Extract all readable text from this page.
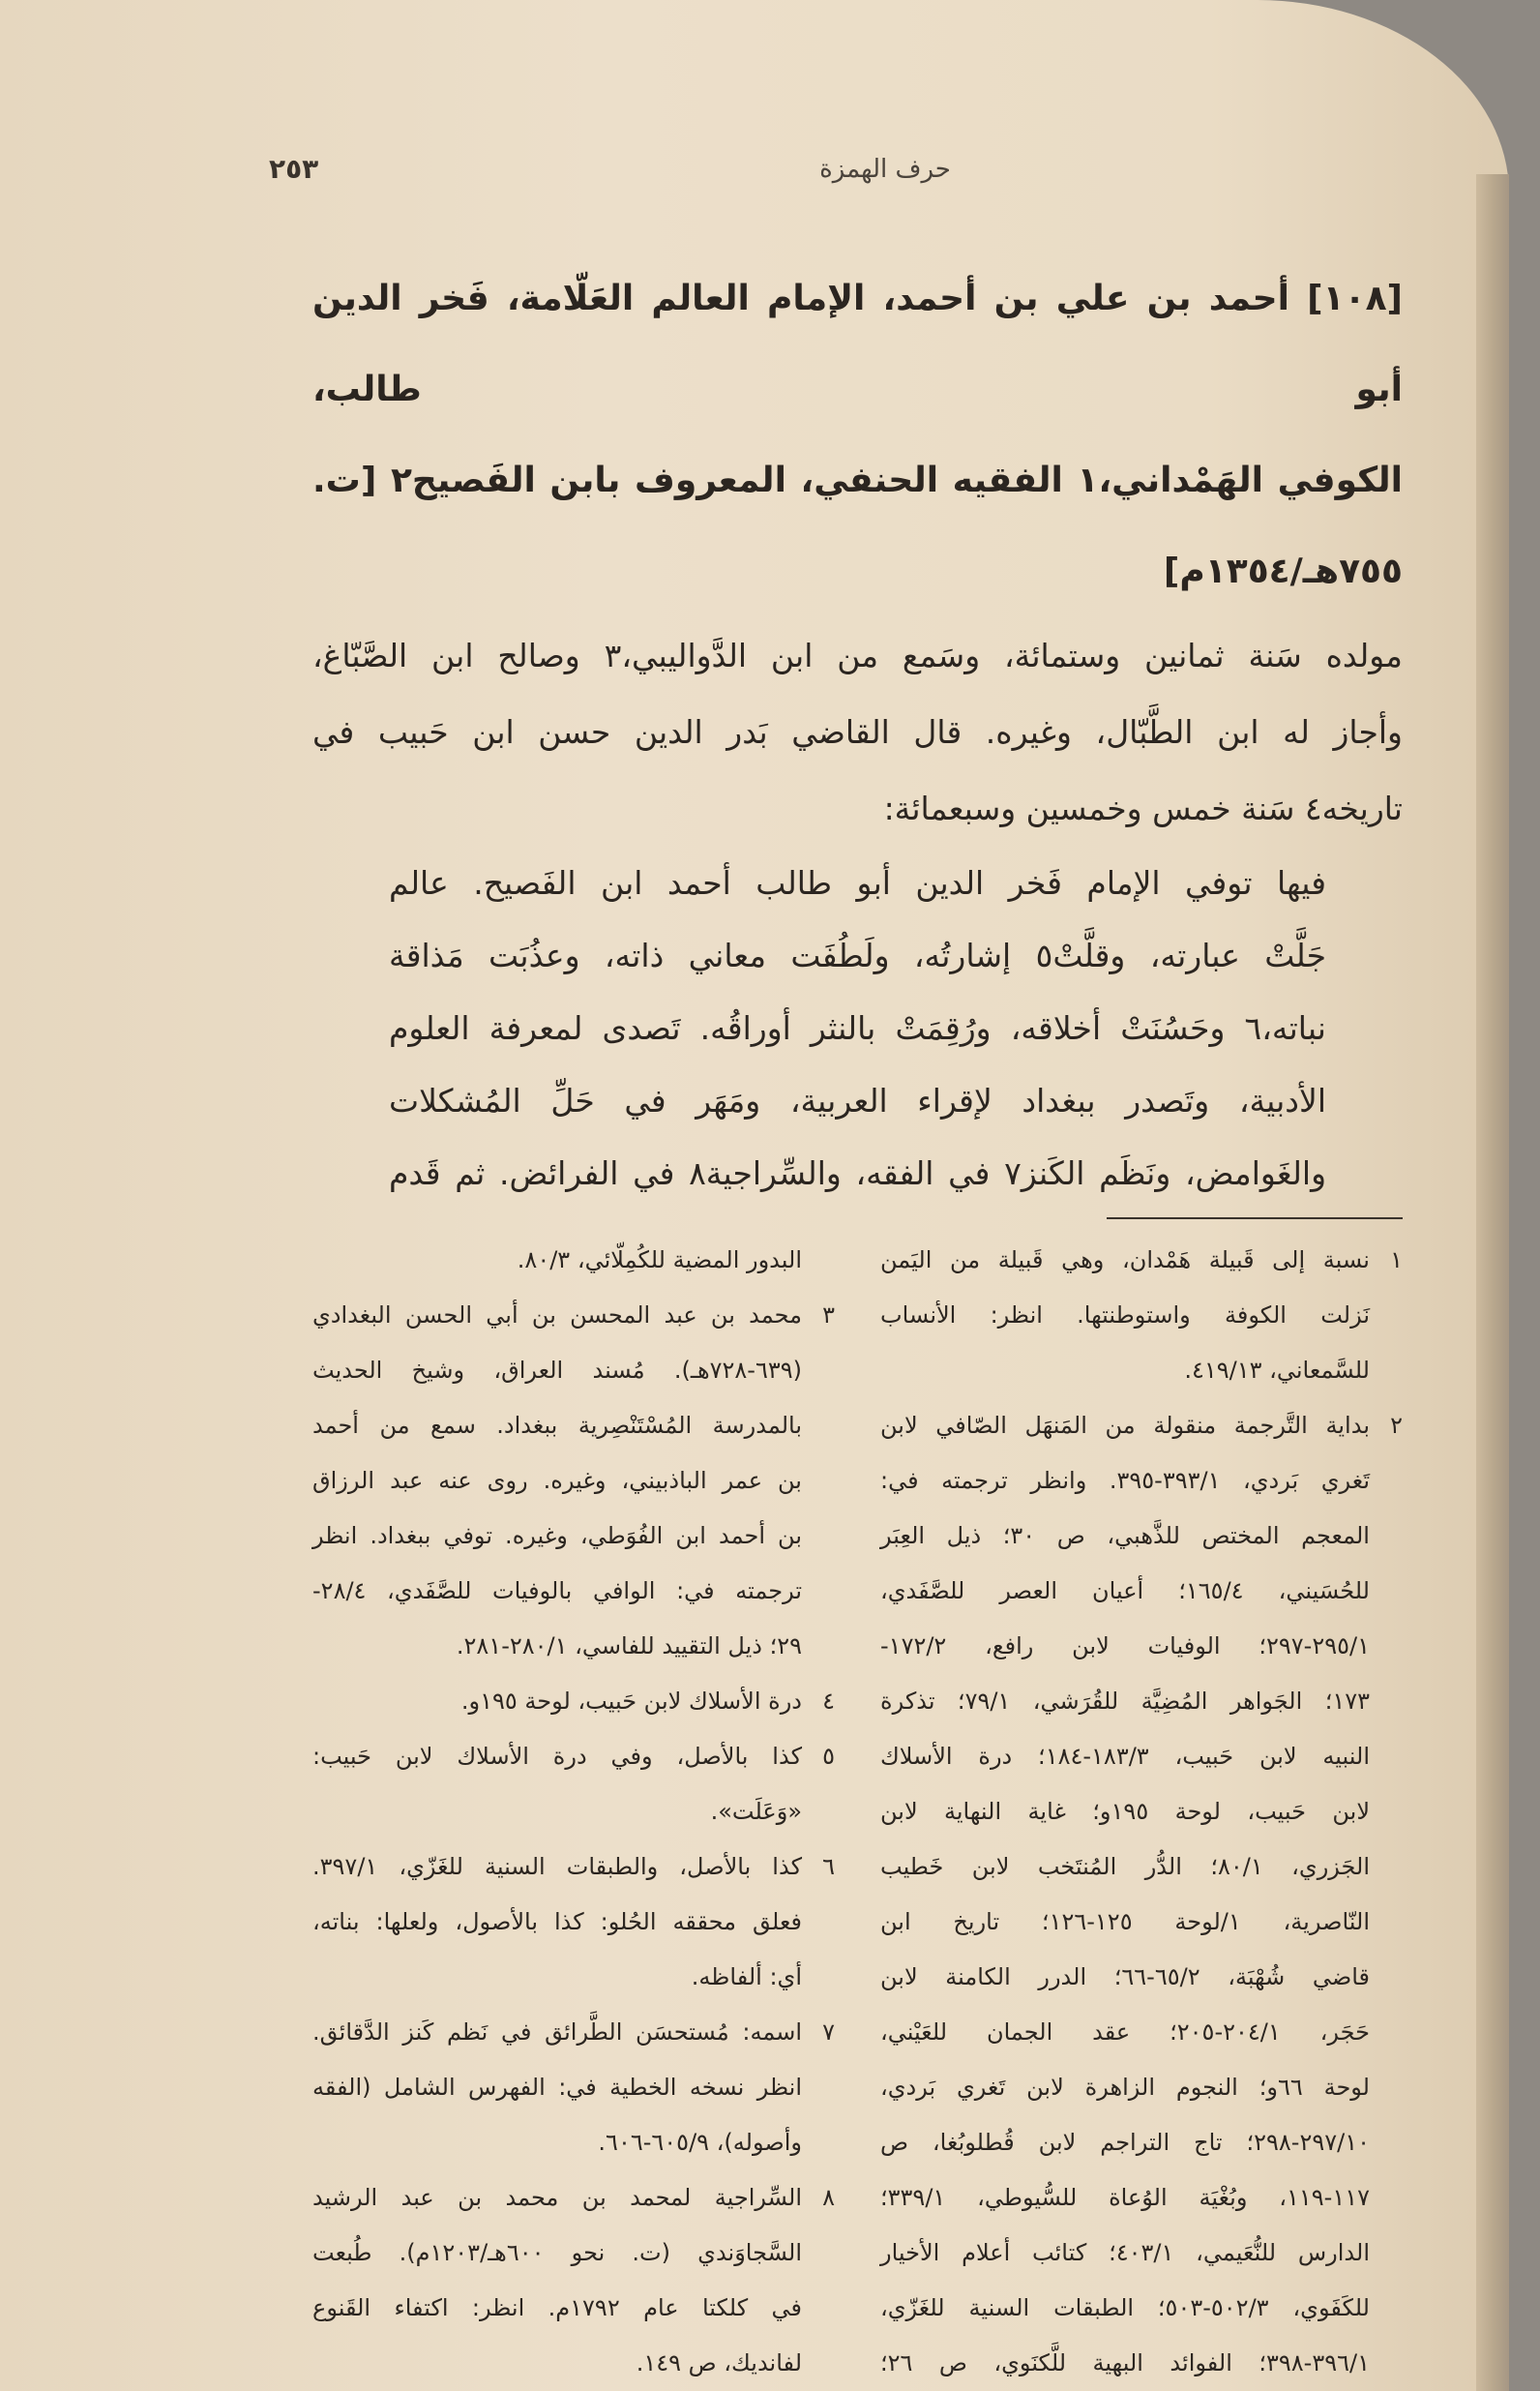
حرف الهمزة
٢٥٣
[١٠٨] أحمد بن علي بن أحمد، الإمام العالم العَلّامة، فَخر الدين أبو طالب،
الكوفي الهَمْداني،١ الفقيه الحنفي، المعروف بابن الفَصيح٢ [ت. ٧٥٥هـ/١٣٥٤م]
مولده سَنة ثمانين وستمائة، وسَمع من ابن الدَّواليبي،٣ وصالح ابن الصَّبّاغ،
وأجاز له ابن الطَّبّال، وغيره. قال القاضي بَدر الدين حسن ابن حَبيب في
تاريخه٤ سَنة خمس وخمسين وسبعمائة:
فيها توفي الإمام فَخر الدين أبو طالب أحمد ابن الفَصيح. عالم
جَلَّتْ عبارته، وقلَّتْ٥ إشارتُه، ولَطُفَت معاني ذاته، وعذُبَت مَذاقة
نباته،٦ وحَسُنَتْ أخلاقه، ورُقِمَتْ بالنثر أوراقُه. تَصدى لمعرفة العلوم
الأدبية، وتَصدر ببغداد لإقراء العربية، ومَهَر في حَلِّ المُشكلات
والغَوامض، ونَظَم الكَنز٧ في الفقه، والسِّراجية٨ في الفرائض. ثم قَدم
١
نسبة إلى قَبيلة هَمْدان، وهي قَبيلة من اليَمن
نَزلت الكوفة واستوطنتها. انظر: الأنساب
للسَّمعاني، ٤١٩/١٣.
٢
بداية التَّرجمة منقولة من المَنهَل الصّافي لابن
تَغري بَردي، ٣٩٣/١-٣٩٥. وانظر ترجمته في:
المعجم المختص للذَّهبي، ص ٣٠؛ ذيل العِبَر
للحُسَيني، ١٦٥/٤؛ أعيان العصر للصَّفَدي،
٢٩٥/١-٢٩٧؛ الوفيات لابن رافع، ١٧٢/٢-
١٧٣؛ الجَواهر المُضِيَّة للقُرَشي، ٧٩/١؛ تذكرة
النبيه لابن حَبيب، ١٨٣/٣-١٨٤؛ درة الأسلاك
لابن حَبيب، لوحة ١٩٥و؛ غاية النهاية لابن
الجَزري، ٨٠/١؛ الدُّر المُنتَخب لابن خَطيب
النّاصرية، ١/لوحة ١٢٥-١٢٦؛ تاريخ ابن
قاضي شُهْبَة، ٦٥/٢-٦٦؛ الدرر الكامنة لابن
حَجَر، ٢٠٤/١-٢٠٥؛ عقد الجمان للعَيْني،
لوحة ٦٦و؛ النجوم الزاهرة لابن تَغري بَردي،
٢٩٧/١٠-٢٩٨؛ تاج التراجم لابن قُطلوبُغا، ص
١١٧-١١٩، وبُغْيَة الوُعاة للسُّيوطي، ٣٣٩/١؛
الدارس للنُّعَيمي، ٤٠٣/١؛ كتائب أعلام الأخيار
للكَفَوي، ٥٠٢/٣-٥٠٣؛ الطبقات السنية للغَزّي،
٣٩٦/١-٣٩٨؛ الفوائد البهية للَّكنَوي، ص ٢٦؛
البدور المضية للكُمِلّائي، ٨٠/٣.
٣
محمد بن عبد المحسن بن أبي الحسن البغدادي
(٦٣٩-٧٢٨هـ). مُسند العراق، وشيخ الحديث
بالمدرسة المُسْتَنْصِرية ببغداد. سمع من أحمد
بن عمر الباذبيني، وغيره. روى عنه عبد الرزاق
بن أحمد ابن الفُوَطي، وغيره. توفي ببغداد. انظر
ترجمته في: الوافي بالوفيات للصَّفَدي، ٢٨/٤-
٢٩؛ ذيل التقييد للفاسي، ٢٨٠/١-٢٨١.
٤
درة الأسلاك لابن حَبيب، لوحة ١٩٥و.
٥
كذا بالأصل، وفي درة الأسلاك لابن حَبيب:
«وَعَلَت».
٦
كذا بالأصل، والطبقات السنية للغَزّي، ٣٩٧/١.
فعلق محققه الحُلو: كذا بالأصول، ولعلها: بناته،
أي: ألفاظه.
٧
اسمه: مُستحسَن الطَّرائق في نَظم كَنز الدَّقائق.
انظر نسخه الخطية في: الفهرس الشامل (الفقه
وأصوله)، ٦٠٥/٩-٦٠٦.
٨
السِّراجية لمحمد بن محمد بن عبد الرشيد
السَّجاوَندي (ت. نحو ٦٠٠هـ/١٢٠٣م). طُبعت
في كلكتا عام ١٧٩٢م. انظر: اكتفاء القَنوع
لفانديك، ص ١٤٩.
